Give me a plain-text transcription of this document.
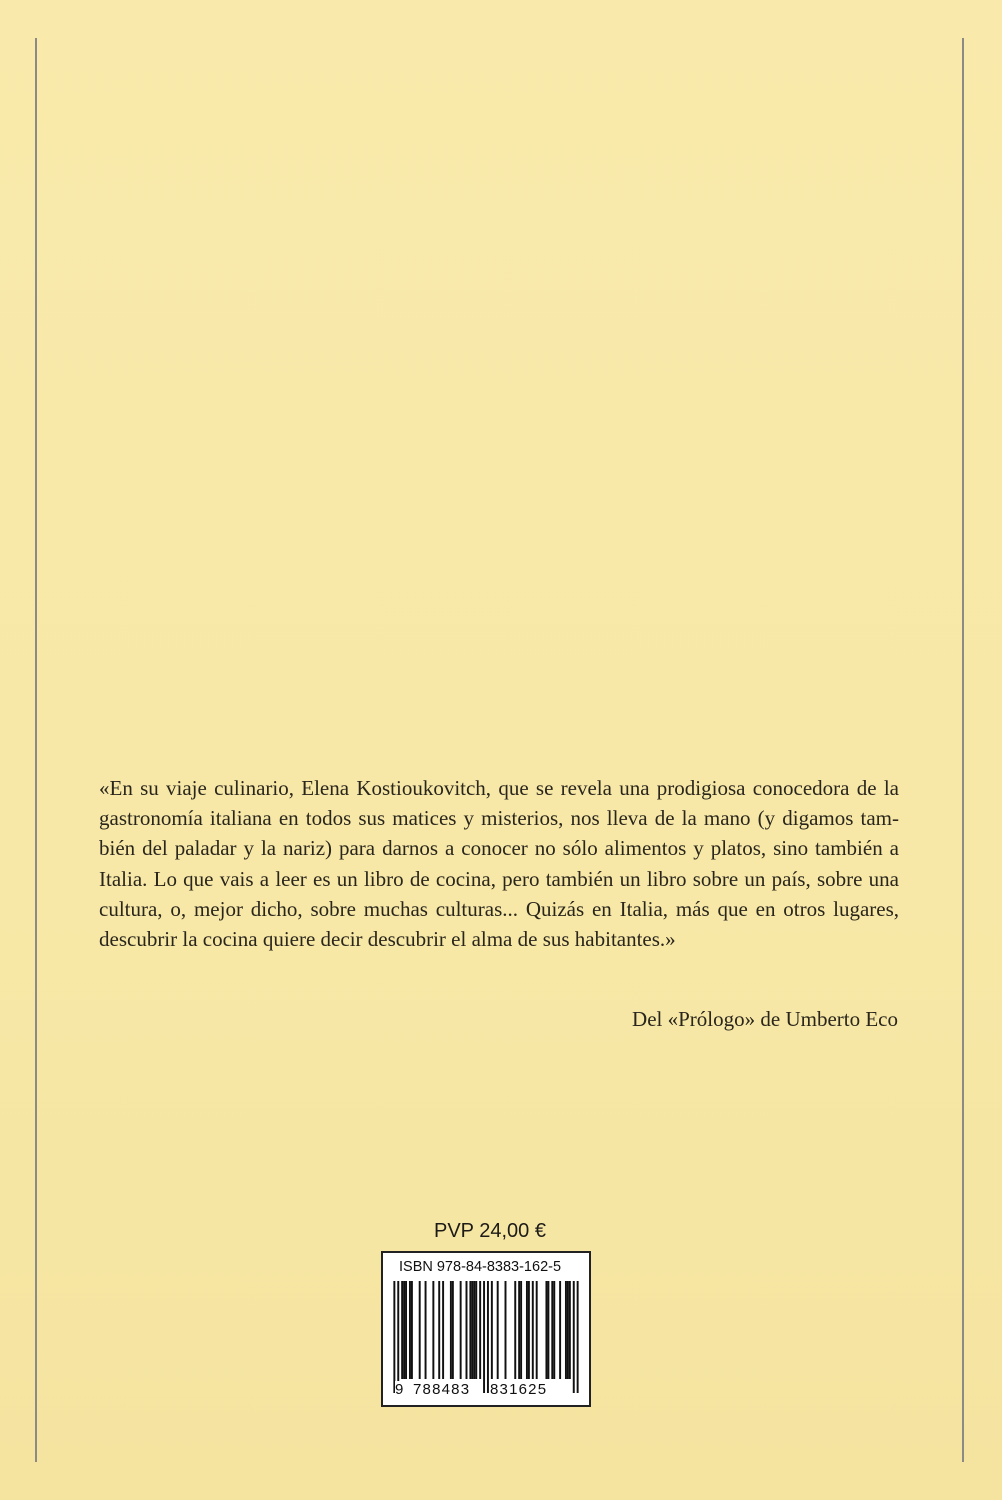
«En su viaje culinario, Elena Kostioukovitch, que se revela una prodigiosa conocedora de la
gastronomía italiana en todos sus matices y misterios, nos lleva de la mano (y digamos tam-
bién del paladar y la nariz) para darnos a conocer no sólo alimentos y platos, sino también a
Italia. Lo que vais a leer es un libro de cocina, pero también un libro sobre un país, sobre una
cultura, o, mejor dicho, sobre muchas culturas... Quizás en Italia, más que en otros lugares,
descubrir la cocina quiere decir descubrir el alma de sus habitantes.»

Del «Prólogo» de Umberto Eco
PVP 24,00 €
ISBN 978-84-8383-162-5
9 788483 831625
